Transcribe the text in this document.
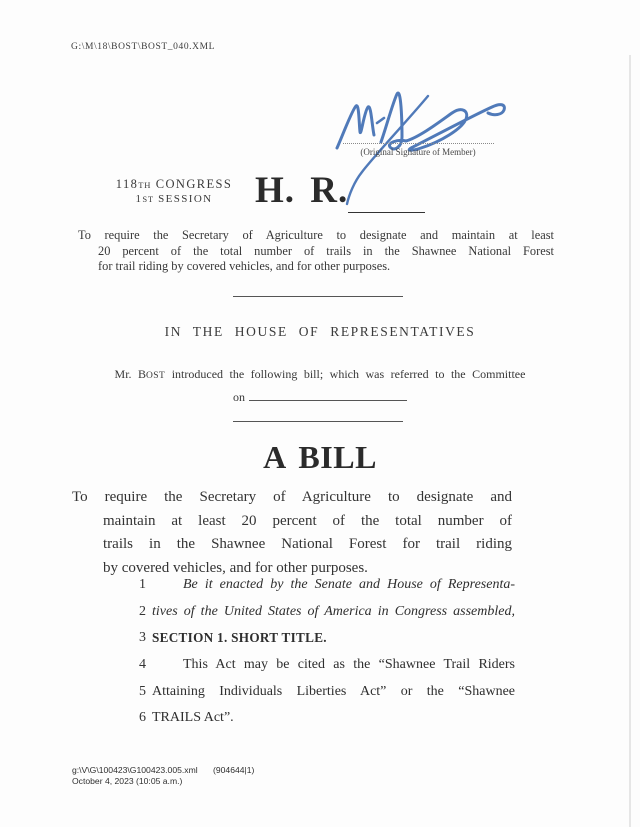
G:\M\18\BOST\BOST_040.XML
(Original Signature of Member)
118TH CONGRESS
1ST SESSION	H. R.
To require the Secretary of Agriculture to designate and maintain at least
20 percent of the total number of trails in the Shawnee National Forest
for trail riding by covered vehicles, and for other purposes.
IN THE HOUSE OF REPRESENTATIVES
Mr. BOST introduced the following bill; which was referred to the Committee
on
A BILL
To require the Secretary of Agriculture to designate and
maintain at least 20 percent of the total number of
trails in the Shawnee National Forest for trail riding
by covered vehicles, and for other purposes.
1	Be it enacted by the Senate and House of Representa-
2 tives of the United States of America in Congress assembled,
3 SECTION 1. SHORT TITLE.
4	This Act may be cited as the “Shawnee Trail Riders
5 Attaining Individuals Liberties Act” or the “Shawnee
6 TRAILS Act”.
g:\V\G\100423\G100423.005.xml (904644|1)
October 4, 2023 (10:05 a.m.)
